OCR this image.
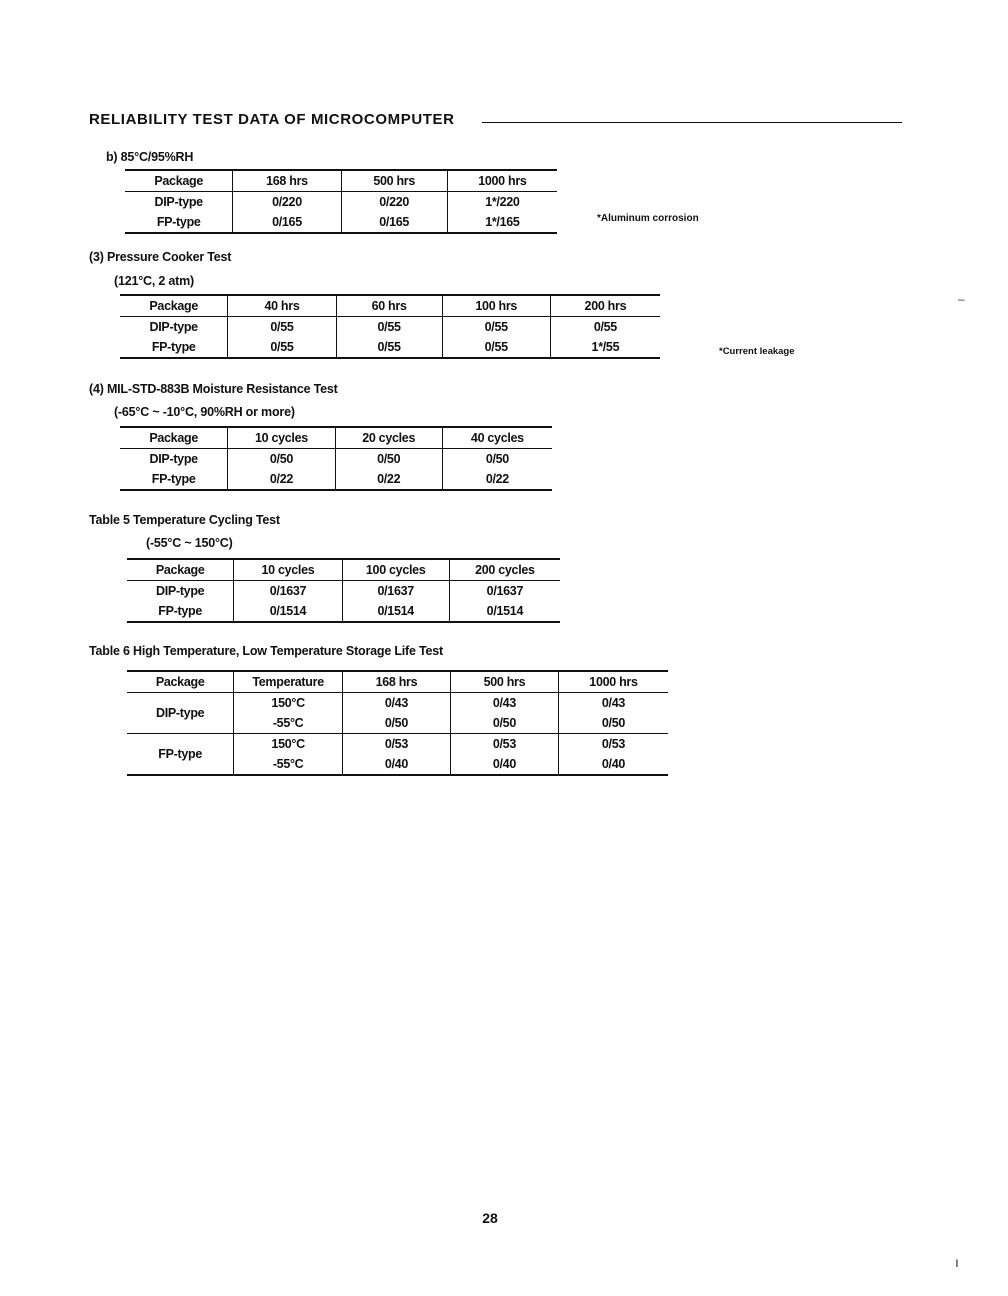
RELIABILITY TEST DATA OF MICROCOMPUTER
b) 85°C/95%RH
Package	168 hrs	500 hrs	1000 hrs
DIP-type	0/220	0/220	1*/220
FP-type	0/165	0/165	1*/165	*Aluminum corrosion
(3) Pressure Cooker Test
(121°C, 2 atm)
Package	40 hrs	60 hrs	100 hrs	200 hrs
DIP-type	0/55	0/55	0/55	0/55
FP-type	0/55	0/55	0/55	1*/55	*Current leakage
–
(4) MIL-STD-883B Moisture Resistance Test
(-65°C ~ -10°C, 90%RH or more)
Package	10 cycles	20 cycles	40 cycles
DIP-type	0/50	0/50	0/50
FP-type	0/22	0/22	0/22
Table 5 Temperature Cycling Test
(-55°C ~ 150°C)
Package	10 cycles	100 cycles	200 cycles
DIP-type	0/1637	0/1637	0/1637
FP-type	0/1514	0/1514	0/1514
Table 6 High Temperature, Low Temperature Storage Life Test
Package	Temperature	168 hrs	500 hrs	1000 hrs
DIP-type	150°C	0/43	0/43	0/43
	-55°C	0/50	0/50	0/50
FP-type	150°C	0/53	0/53	0/53
	-55°C	0/40	0/40	0/40
28
ı
